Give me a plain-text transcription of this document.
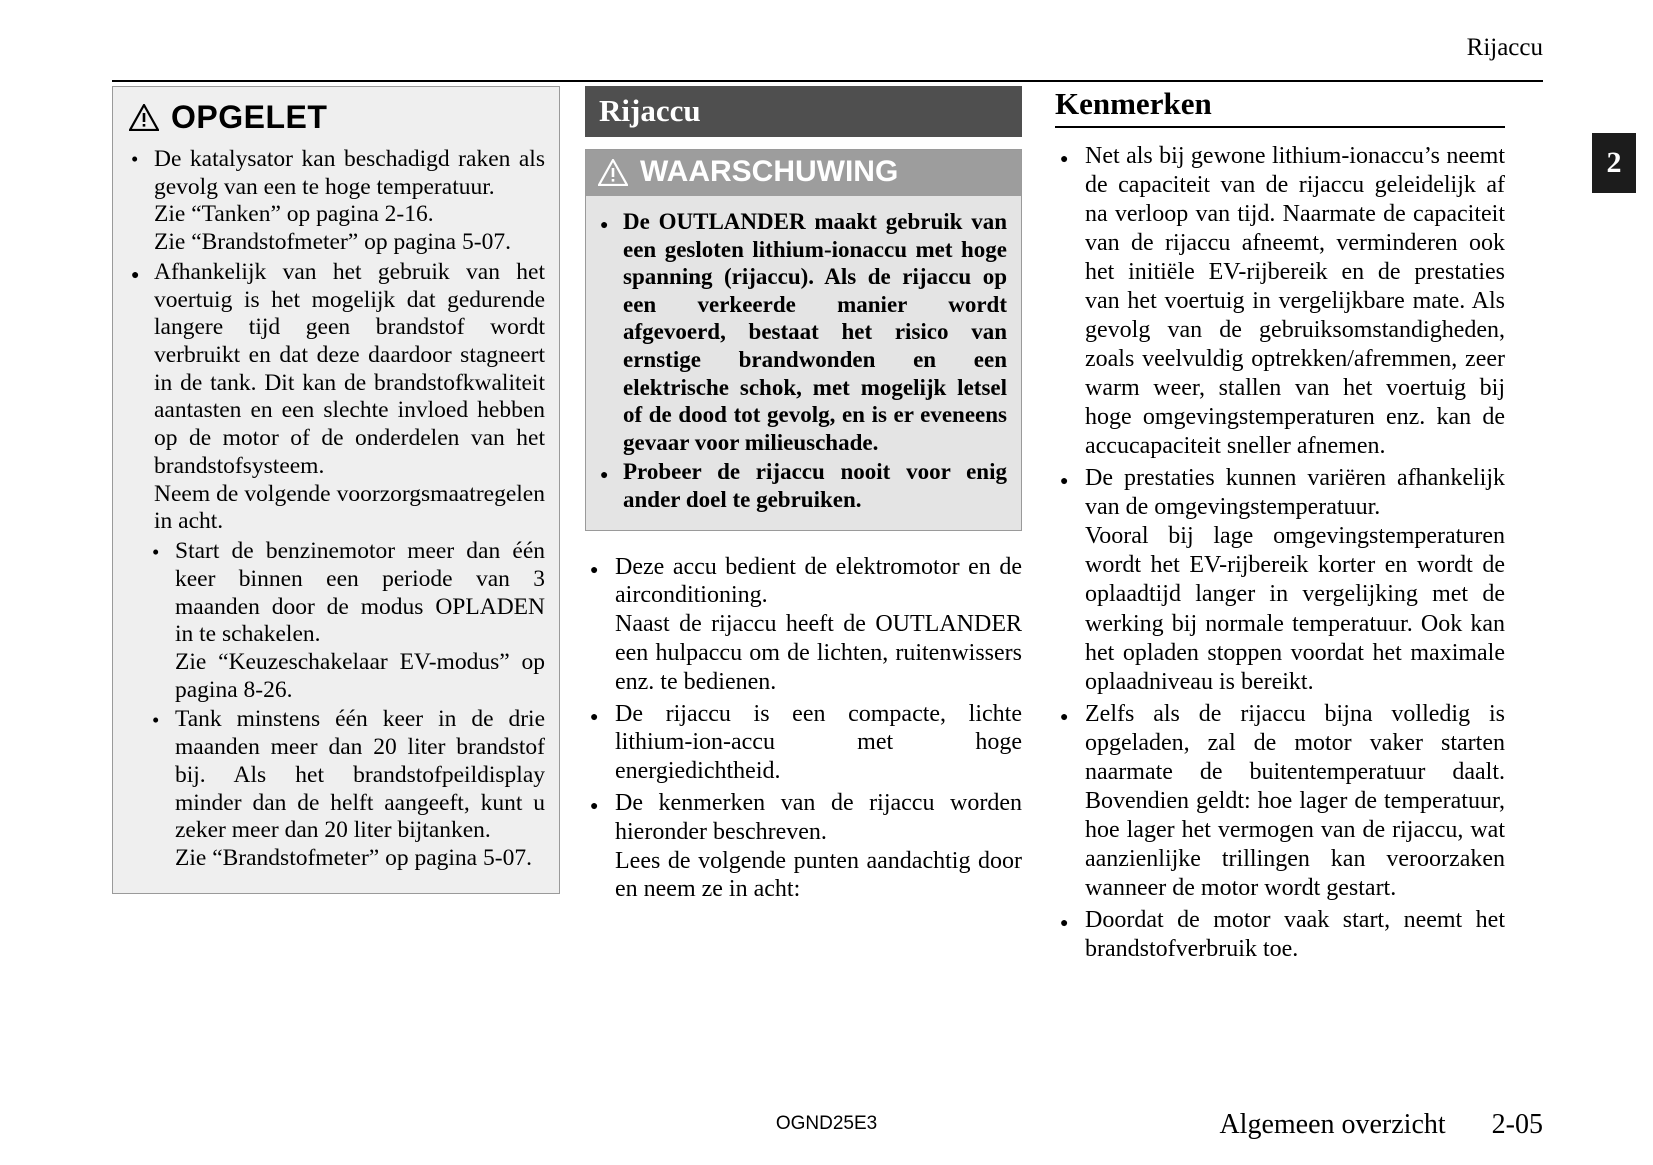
Rijaccu
2
OPGELET
•
De katalysator kan beschadigd raken als gevolg van een te hoge temperatuur.
Zie “Tanken” op pagina 2-16.
Zie “Brandstofmeter” op pagina 5-07.
●
Afhankelijk van het gebruik van het voertuig is het mogelijk dat gedurende langere tijd geen brandstof wordt verbruikt en dat deze daardoor stagneert in de tank. Dit kan de brandstofkwaliteit aantasten en een slechte invloed hebben op de motor of de onderdelen van het brandstofsysteem.
Neem de volgende voorzorgsmaatregelen in acht.
•
Start de benzinemotor meer dan één keer binnen een periode van 3 maanden door de modus OPLADEN in te schakelen.
Zie “Keuzeschakelaar EV-modus” op pagina 8-26.
•
Tank minstens één keer in de drie maanden meer dan 20 liter brandstof bij. Als het brandstofpeildisplay minder dan de helft aangeeft, kunt u zeker meer dan 20 liter bijtanken.
Zie “Brandstofmeter” op pagina 5-07.
Rijaccu
WAARSCHUWING
●
De OUTLANDER maakt gebruik van een gesloten lithium-ionaccu met hoge spanning (rijaccu). Als de rijaccu op een verkeerde manier wordt afgevoerd, bestaat het risico van ernstige brandwonden en een elektrische schok, met mogelijk letsel of de dood tot gevolg, en is er eveneens gevaar voor milieuschade.
●
Probeer de rijaccu nooit voor enig ander doel te gebruiken.
●
Deze accu bedient de elektromotor en de airconditioning.
Naast de rijaccu heeft de OUTLANDER een hulpaccu om de lichten, ruitenwissers enz. te bedienen.
●
De rijaccu is een compacte, lichte lithium-ion-accu met hoge energiedichtheid.
●
De kenmerken van de rijaccu worden hieronder beschreven.
Lees de volgende punten aandachtig door en neem ze in acht:
Kenmerken
●
Net als bij gewone lithium-ionaccu’s neemt de capaciteit van de rijaccu geleidelijk af na verloop van tijd. Naarmate de capaciteit van de rijaccu afneemt, verminderen ook het initiële EV-rijbereik en de prestaties van het voertuig in vergelijkbare mate. Als gevolg van de gebruiksomstandigheden, zoals veelvuldig optrekken/afremmen, zeer warm weer, stallen van het voertuig bij hoge omgevingstemperaturen enz. kan de accucapaciteit sneller afnemen.
●
De prestaties kunnen variëren afhankelijk van de omgevingstemperatuur.
Vooral bij lage omgevingstemperaturen wordt het EV-rijbereik korter en wordt de oplaadtijd langer in vergelijking met de werking bij normale temperatuur. Ook kan het opladen stoppen voordat het maximale oplaadniveau is bereikt.
●
Zelfs als de rijaccu bijna volledig is opgeladen, zal de motor vaker starten naarmate de buitentemperatuur daalt. Bovendien geldt: hoe lager de temperatuur, hoe lager het vermogen van de rijaccu, wat aanzienlijke trillingen kan veroorzaken wanneer de motor wordt gestart.
●
Doordat de motor vaak start, neemt het brandstofverbruik toe.
OGND25E3	Algemeen overzicht 2-05
